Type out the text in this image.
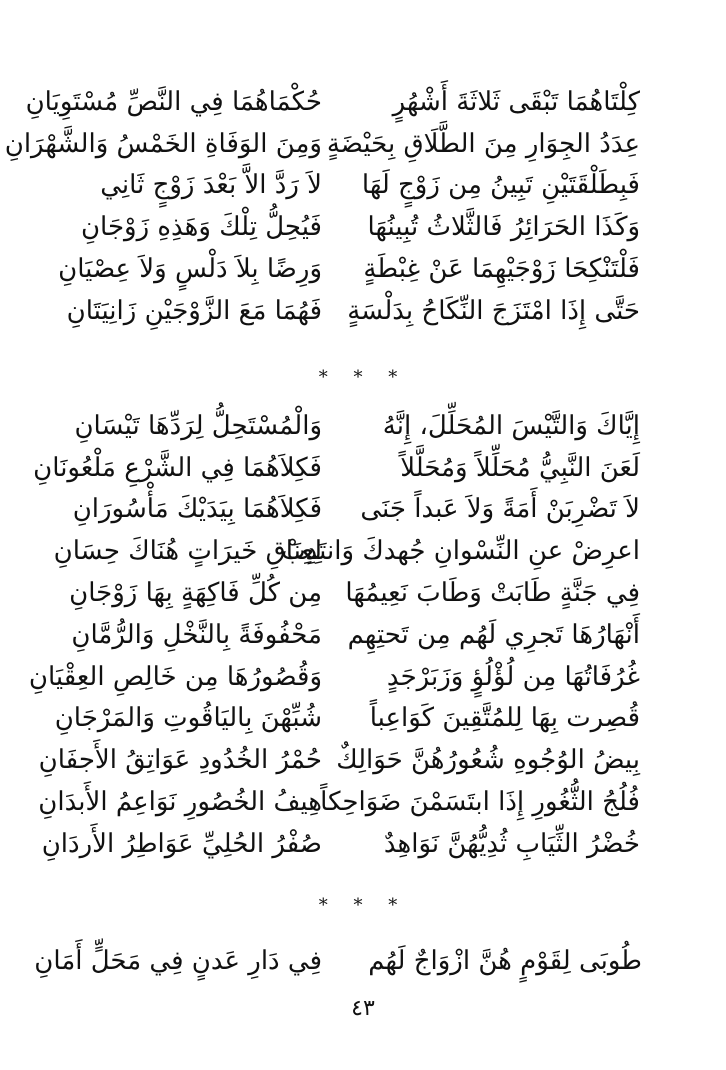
كِلْتَاهُمَا تَبْقَى ثَلاثَةَ أَشْهُرٍ
حُكْمَاهُمَا فِي النَّصِّ مُسْتَوِيَانِ
عِدَدُ الجِوَارِ مِنَ الطَّلَاقِ بِحَيْضَةٍ
وَمِنَ الوَفَاةِ الخَمْسُ وَالشَّهْرَانِ
فَبِطَلْقَتَيْنِ تَبِينُ مِن زَوْجٍ لَهَا
لاَ رَدَّ الاَّ بَعْدَ زَوْجٍ ثَانِي
وَكَذَا الحَرَائِرُ فَالثَّلاثُ تُبِينُهَا
فَيُحِلُّ تِلْكَ وَهَذِهِ زَوْجَانِ
فَلْتَنْكِحَا زَوْجَيْهِمَا عَنْ غِبْطَةٍ
وَرِضًا بِلاَ دَلْسٍ وَلاَ عِصْيَانِ
حَتَّى إِذَا امْتَزَجَ النِّكَاحُ بِدَلْسَةٍ
فَهُمَا مَعَ الزَّوْجَيْنِ زَانِيَتَانِ
* * *
إِيَّاكَ وَالتَّيْسَ المُحَلِّلَ، إِنَّهُ
وَالْمُسْتَحِلُّ لِرَدِّهَا تَيْسَانِ
لَعَنَ النَّبِيُّ مُحَلِّلاً وَمُحَلَّلاً
فَكِلاَهُمَا فِي الشَّرْعِ مَلْعُونَانِ
لاَ تَضْرِبَنْ أَمَةً وَلاَ عَبداً جَنَى
فَكِلاَهُمَا بِيَدَيْكَ مَأْسُورَانِ
اعرِضْ عنِ النِّسْوانِ جُهدكَ وَانتَدِبْ
لِعِنَاقِ خَيرَاتٍ هُنَاكَ حِسَانِ
فِي جَنَّةٍ طَابَتْ وَطَابَ نَعِيمُهَا
مِن كُلِّ فَاكِهَةٍ بِهَا زَوْجَانِ
أَنْهَارُهَا تَجرِي لَهُم مِن تَحتِهِم
مَحْفُوفَةً بِالنَّخْلِ وَالرُّمَّانِ
غُرُفَاتُهَا مِن لُؤْلُؤٍ وَزَبَرْجَدٍ
وَقُصُورُهَا مِن خَالِصِ العِقْيَانِ
قُصِرت بِهَا لِلمُتَّقِينَ كَوَاعِباً
شُبِّهْنَ بِاليَاقُوتِ وَالمَرْجَانِ
بِيضُ الوُجُوهِ شُعُورُهُنَّ حَوَالِكٌ
حُمْرُ الخُدُودِ عَوَاتِقُ الأَجفَانِ
فُلُجُ الثُّغُورِ إِذَا ابتَسَمْنَ ضَوَاحِكاً
هِيفُ الخُصُورِ نَوَاعِمُ الأَبدَانِ
خُضْرُ الثِّيَابِ ثُدِيُّهُنَّ نَوَاهِدٌ
صُفْرُ الحُلِيِّ عَوَاطِرُ الأَردَانِ
* * *
طُوبَى لِقَوْمٍ هُنَّ ازْوَاجٌ لَهُم
فِي دَارِ عَدنٍ فِي مَحَلٍّ أَمَانِ
٤٣
